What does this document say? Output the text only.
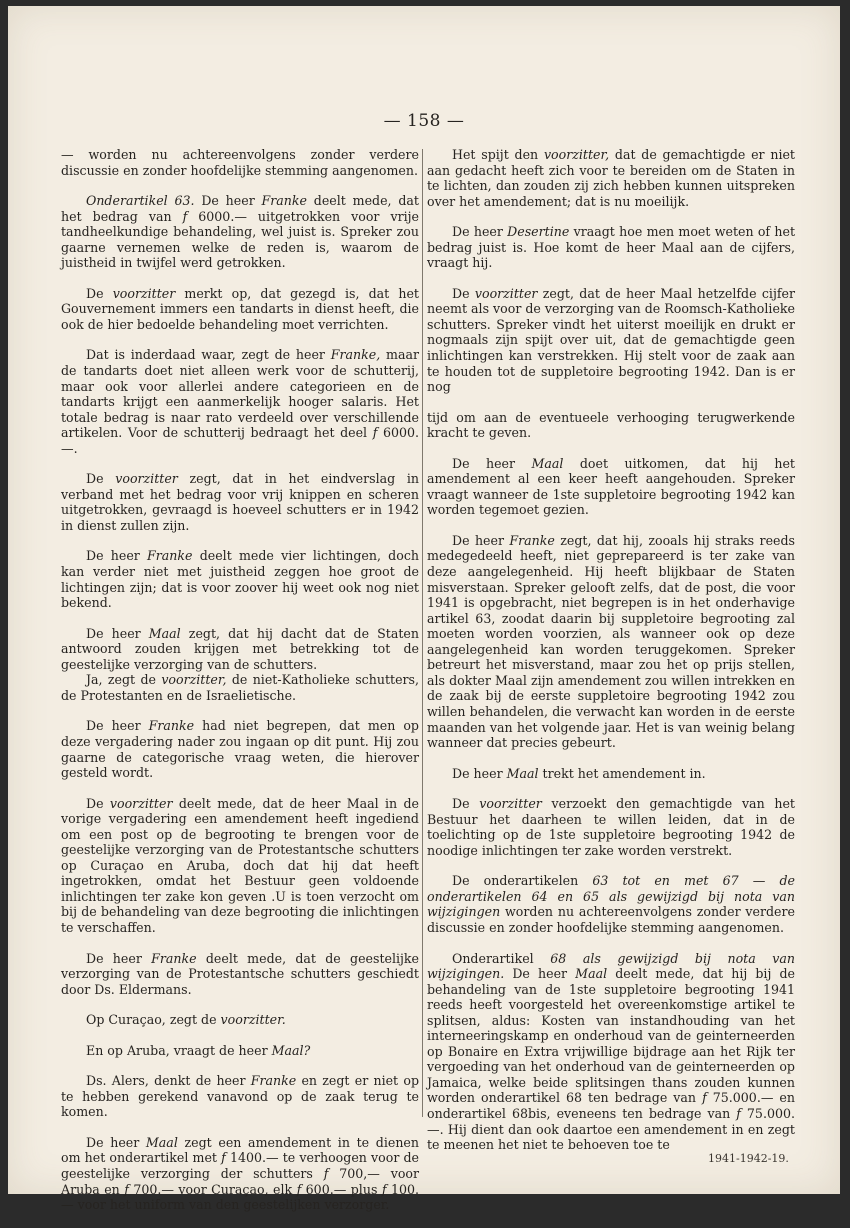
— 158 —

— worden nu achtereenvolgens zonder verdere discussie en zonder hoofdelijke stemming aangenomen.

Onderartikel 63. De heer Franke deelt mede, dat het bedrag van f 6000.— uitgetrokken voor vrije tandheelkundige behandeling, wel juist is. Spreker zou gaarne vernemen welke de reden is, waarom de juistheid in twijfel werd getrokken.

De voorzitter merkt op, dat gezegd is, dat het Gouvernement immers een tandarts in dienst heeft, die ook de hier bedoelde behandeling moet verrichten.

Dat is inderdaad waar, zegt de heer Franke, maar de tandarts doet niet alleen werk voor de schutterij, maar ook voor allerlei andere categorieen en de tandarts krijgt een aanmerkelijk hooger salaris. Het totale bedrag is naar rato verdeeld over verschillende artikelen. Voor de schutterij bedraagt het deel f 6000.—.

De voorzitter zegt, dat in het eindverslag in verband met het bedrag voor vrij knippen en scheren uitgetrokken, gevraagd is hoeveel schutters er in 1942 in dienst zullen zijn.

De heer Franke deelt mede vier lichtingen, doch kan verder niet met juistheid zeggen hoe groot de lichtingen zijn; dat is voor zoover hij weet ook nog niet bekend.

De heer Maal zegt, dat hij dacht dat de Staten antwoord zouden krijgen met betrekking tot de geestelijke verzorging van de schutters.

Ja, zegt de voorzitter, de niet-Katholieke schutters, de Protestanten en de Israelietische.

De heer Franke had niet begrepen, dat men op deze vergadering nader zou ingaan op dit punt. Hij zou gaarne de categorische vraag weten, die hierover gesteld wordt.

De voorzitter deelt mede, dat de heer Maal in de vorige vergadering een amendement heeft ingediend om een post op de begrooting te brengen voor de geestelijke verzorging van de Protestantsche schutters op Curaçao en Aruba, doch dat hij dat heeft ingetrokken, omdat het Bestuur geen voldoende inlichtingen ter zake kon geven .U is toen verzocht om bij de behandeling van deze begrooting die inlichtingen te verschaffen.

De heer Franke deelt mede, dat de geestelijke verzorging van de Protestantsche schutters geschiedt door Ds. Eldermans.

Op Curaçao, zegt de voorzitter.

En op Aruba, vraagt de heer Maal?

Ds. Alers, denkt de heer Franke en zegt er niet op te hebben gerekend vanavond op de zaak terug te komen.

De heer Maal zegt een amendement in te dienen om het onderartikel met f 1400.— te verhoogen voor de geestelijke verzorging der schutters f 700,— voor Aruba en f 700.— voor Curaçao, elk f 600.— plus f 100.— voor het uniform van den geestelijken verzorger.

Het spijt den voorzitter, dat de gemachtigde er niet aan gedacht heeft zich voor te bereiden om de Staten in te lichten, dan zouden zij zich hebben kunnen uitspreken over het amendement; dat is nu moeilijk.

De heer Desertine vraagt hoe men moet weten of het bedrag juist is. Hoe komt de heer Maal aan de cijfers, vraagt hij.

De voorzitter zegt, dat de heer Maal hetzelfde cijfer neemt als voor de verzorging van de Roomsch-Katholieke schutters. Spreker vindt het uiterst moeilijk en drukt er nogmaals zijn spijt over uit, dat de gemachtigde geen inlichtingen kan verstrekken. Hij stelt voor de zaak aan te houden tot de suppletoire begrooting 1942. Dan is er nog

tijd om aan de eventueele verhooging terugwerkende kracht te geven.

De heer Maal doet uitkomen, dat hij het amendement al een keer heeft aangehouden. Spreker vraagt wanneer de 1ste suppletoire begrooting 1942 kan worden tegemoet gezien.

De heer Franke zegt, dat hij, zooals hij straks reeds medegedeeld heeft, niet geprepareerd is ter zake van deze aangelegenheid. Hij heeft blijkbaar de Staten misverstaan. Spreker gelooft zelfs, dat de post, die voor 1941 is opgebracht, niet begrepen is in het onderhavige artikel 63, zoodat daarin bij suppletoire begrooting zal moeten worden voorzien, als wanneer ook op deze aangelegenheid kan worden teruggekomen. Spreker betreurt het misverstand, maar zou het op prijs stellen, als dokter Maal zijn amendement zou willen intrekken en de zaak bij de eerste suppletoire begrooting 1942 zou willen behandelen, die verwacht kan worden in de eerste maanden van het volgende jaar. Het is van weinig belang wanneer dat precies gebeurt.

De heer Maal trekt het amendement in.

De voorzitter verzoekt den gemachtigde van het Bestuur het daarheen te willen leiden, dat in de toelichting op de 1ste suppletoire begrooting 1942 de noodige inlichtingen ter zake worden verstrekt.

De onderartikelen 63 tot en met 67 — de onderartikelen 64 en 65 als gewijzigd bij nota van wijzigingen worden nu achtereenvolgens zonder verdere discussie en zonder hoofdelijke stemming aangenomen.

Onderartikel 68 als gewijzigd bij nota van wijzigingen. De heer Maal deelt mede, dat hij bij de behandeling van de 1ste suppletoire begrooting 1941 reeds heeft voorgesteld het overeenkomstige artikel te splitsen, aldus: Kosten van instandhouding van het interneeringskamp en onderhoud van de geinterneerden op Bonaire en Extra vrijwillige bijdrage aan het Rijk ter vergoeding van het onderhoud van de geinterneerden op Jamaica, welke beide splitsingen thans zouden kunnen worden onderartikel 68 ten bedrage van f 75.000.— en onderartikel 68bis, eveneens ten bedrage van f 75.000.—. Hij dient dan ook daartoe een amendement in en zegt te meenen het niet te behoeven toe te

1941-1942-19.
